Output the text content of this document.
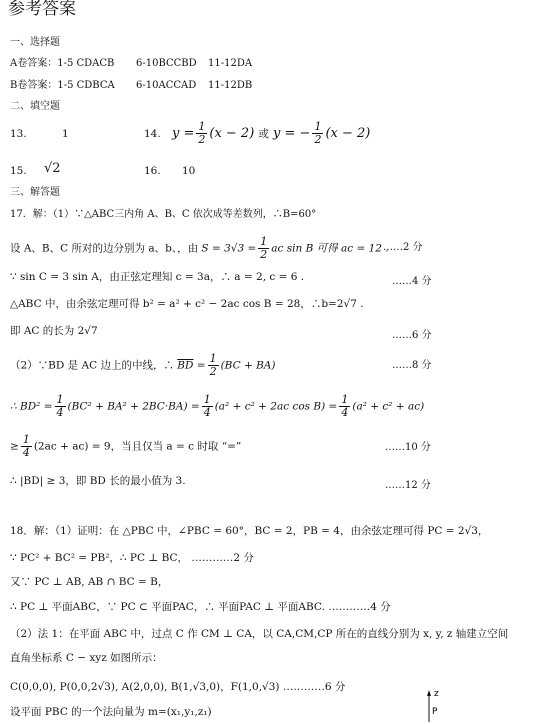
参考答案
一、选择题
A卷答案：1-5 CDACB 6-10BCCBD 11-12DA
B卷答案：1-5 CDBCA 6-10ACCAD 11-12DB
二、填空题
13.	1	14. $y = \frac{1}{2} (x - 2)$ 或 y = − $\frac{1}{2} (x - 2)$
15. √2	16. 10
三、解答题
17．解：（1）∵△ABC三内角 A、B、C 依次成等差数列，∴B=60°
设 A、B、C 所对的边分别为 a、b、，由 $S = 3√3 = \frac{1}{2}$ ac sin B 可得 ac = 12 .
……2 分
∵ sin C = 3 sin A，由正弦定理知 c = 3a，∴ a = 2, c = 6 .	……4 分
△ABC 中，由余弦定理可得 b² = a² + c² − 2ac cos B = 28，∴b=2√7 .
即 AC 的长为 2√7	……6 分
（2）∵BD 是 AC 边上的中线，∴ $\overline{BD} = \frac{1}{2} (BC + BA)$	……8 分
∴ $BD^2 = \frac{1}{4} (BC^2 + BA^2 + 2BC\cdot BA) = \frac{1}{4} (a^2 + c^2 + 2ac$ $\cos B) = \frac{1}{4} (a^2 + c^2 + ac)$
≥ $\frac{1}{4} (2ac + ac) = 9$，当且仅当 a = c 时取 “=”	……10 分
∴ |BD| ≥ 3，即 BD 长的最小值为 3.	……12 分
18．解：（1）证明：在 △PBC 中，∠PBC = 60°，BC = 2，PB = 4，由余弦定理可得 PC = 2√3，
∵ PC² + BC² = PB²，∴ PC ⊥ BC， …………2 分
又∵ PC ⊥ AB, AB ∩ BC = B，
∴ PC ⊥ 平面ABC，∵ PC ⊂ 平面PAC，∴ 平面PAC ⊥ 平面ABC. …………4 分
（2）法 1：在平面 ABC 中，过点 C 作 CM ⊥ CA，以 CA,CM,CP 所在的直线分别为 x, y, z 轴建立空间
直角坐标系 C − xyz 如图所示：
C(0,0,0), P(0,0,2√3), A(2,0,0), B(1,√3,0)，F(1,0,√3) …………6 分
设平面 PBC 的一个法向量为 m=(x₁,y₁,z₁)
z
P
